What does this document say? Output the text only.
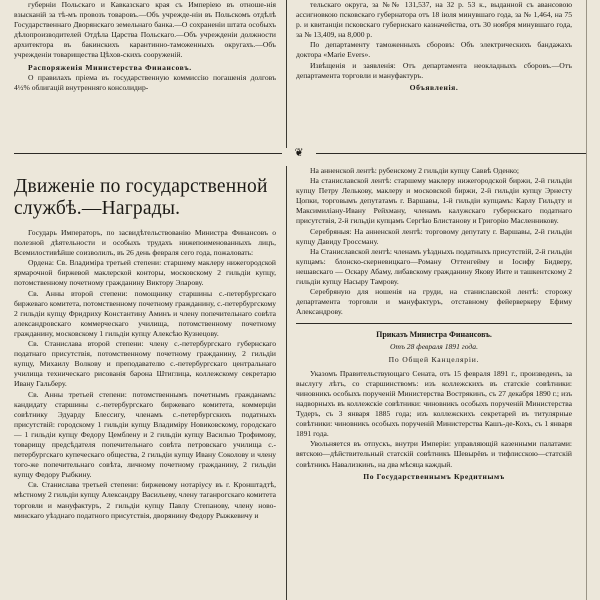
губерніи Польскаго и Кавказскаго края съ Имперіею въ отноше-нія взысканій за тѣ-мъ провозъ товаровъ.—Объ учрежде-ніи въ Польскомъ отдѣлѣ Государственнаго Дворянскаго земельнаго банка.—О сохраненіи штата особыхъ дѣлопроизводителей Отдѣла Царства Польскаго.—Объ учрежденіи должности архитектора въ бакинскихъ карантинно-таможенныхъ округахъ.—Объ учрежденіи товарищества Цѣхов-скихъ сооруженій.

Распоряженія Министерства Финансовъ.

О правилахъ пріема въ государственную коммиссію погашенія долговъ 4½% облигацій внутренняго консолидир-

тельскаго округа, за №№ 131,537, на 32 р. 53 к., выданной съ авансовою ассигновкою псковскаго губернатора отъ 18 іюля минувшаго года, за № 1,464, на 75 р. и квитанціи псковскаго губернскаго казначейства, отъ 30 ноября минувшаго года, за № 13,409, на 8,000 р.

По департаменту таможенныхъ сборовъ: Объ электрическихъ бандажахъ доктора «Marie Evers».

Извѣщенія и заявленія: Отъ департамента неокладныхъ сборовъ.—Отъ департамента торговли и мануфактуръ.

Объявленія.

❦
Движеніе по государственной службѣ.—Награды.

Государь Императоръ, по засвидѣтельствованію Министра Финансовъ о полезной дѣятельности и особыхъ трудахъ нижепоименованныхъ лицъ, Всемилостивѣйше соизволилъ, въ 26 день февраля сего года, пожаловать:

Ордена: Св. Владиміра третьей степени: старшему маклеру нижегородской ярмарочной биржевой маклерской конторы, московскому 2 гильдіи купцу, потомственному почетному гражданину Виктору Эларову.

Св. Анны второй степени: помощнику старшины с.-петербургскаго биржеваго комитета, потомственному почетному гражданину, с.-петербургскому 2 гильдіи купцу Фридриху Константину Аминъ и члену попечительнаго совѣта александровскаго коммерческаго училища, потомственному почетному гражданину, московскому 1 гильдіи купцу Алексѣю Кузнецову.

Св. Станислава второй степени: члену с.-петербургскаго губернскаго податнаго присутствія, потомственному почетному гражданину, 2 гильдіи купцу, Михаилу Волкову и преподавателю с.-петербургскаго центральнаго училища техническаго рисованія барона Штиглица, коллежскому секретарю Ивану Гальберу.

Св. Анны третьей степени: потомственнымъ почетнымъ гражданамъ: кандидату старшины с.-петербургскаго биржеваго комитета, коммерціи совѣтнику Эдуарду Блессигу, членамъ с.-петербургскихъ податныхъ присутствій: городскому 1 гильдіи купцу Владиміру Новиковскому, городскаго — 1 гильдіи купцу Федору Цемблену и 2 гильдіи купцу Василью Трофимову, товарищу предсѣдателя попечительнаго совѣта петровскаго училища с.-петербургскаго купеческаго общества, 2 гильдіи купцу Ивану Соколову и члену того-же попечительнаго совѣта, личному почетному гражданину, 2 гильдіи купцу Федору Рыбкину.

Св. Станислава третьей степени: биржевому нотаріусу въ г. Кронштадтѣ, мѣстному 2 гильдіи купцу Александру Васильеву, члену таганрогскаго комитета торговли и мануфактуръ, 2 гильдіи купцу Павлу Степанову, члену ново-минскаго уѣзднаго податного присутствія, дворянину Федору Рыжкевичу и

На анненской лентѣ: рубенскому 2 гильдіи купцу Саввѣ Оденко;

На станиславской лентѣ: старшему маклеру нижегородской биржи, 2-й гильдіи купцу Петру Лелькову, маклеру и московской биржи, 2-й гильдіи купцу Эрнесту Цопки, торговымъ депутатамъ г. Варшавы, 1-й гильдіи купцамъ: Карлу Гильдту и Максимиліану-Ивану Рейхману, членамъ калужскаго губернскаго податнаго присутствія, 2-й гильдіи купцамъ Сергѣю Блистанову и Григорію Масленникову.

Серебряныя: На анненской лентѣ: торговому депутату г. Варшавы, 2-й гильдіи купцу Давиду Гроссману.

На Станиславской лентѣ: членамъ уѣздныхъ податныхъ присутствій, 2-й гильдіи купцамъ: блонско-скерневицкаго—Роману Оттенгейму и Іосифу Бидверу, нешавскаго — Оскару Абаму, либавскому гражданину Якову Инте и ташкентскому 2 гильдіи купцу Насыру Тамрову.

Серебряную для ношенія на груди, на станиславской лентѣ: сторожу департамента торговли и мануфактуръ, отставному фейерверкеру Ефиму Александрову.

Приказъ Министра Финансовъ.

Отъ 28 февраля 1891 года.

По Общей Канцеляріи.

Указомъ Правительствующаго Сената, отъ 15 февраля 1891 г., произведенъ, за выслугу лѣтъ, со старшинствомъ: изъ коллежскихъ въ статскіе совѣтники: чиновникъ особыхъ порученій Министерства Вострякинъ, съ 27 декабря 1890 г.; изъ надворныхъ въ коллежскіе совѣтники: чиновникъ особыхъ порученій Министерства Тудеръ, съ 3 января 1885 года; изъ коллежскихъ секретарей въ титулярные совѣтники: чиновникъ особыхъ порученій Министерства Кашъ-де-Кохъ, съ 1 января 1891 года.

Увольняется въ отпускъ, внутри Имперіи: управляющій казенными палатами: вятскою—дѣйствительный статскій совѣтникъ Шевырёвъ и тифлисскою—статскій совѣтникъ Навализкинъ, на два мѣсяца каждый.

По Государственнымъ Кредитнымъ
